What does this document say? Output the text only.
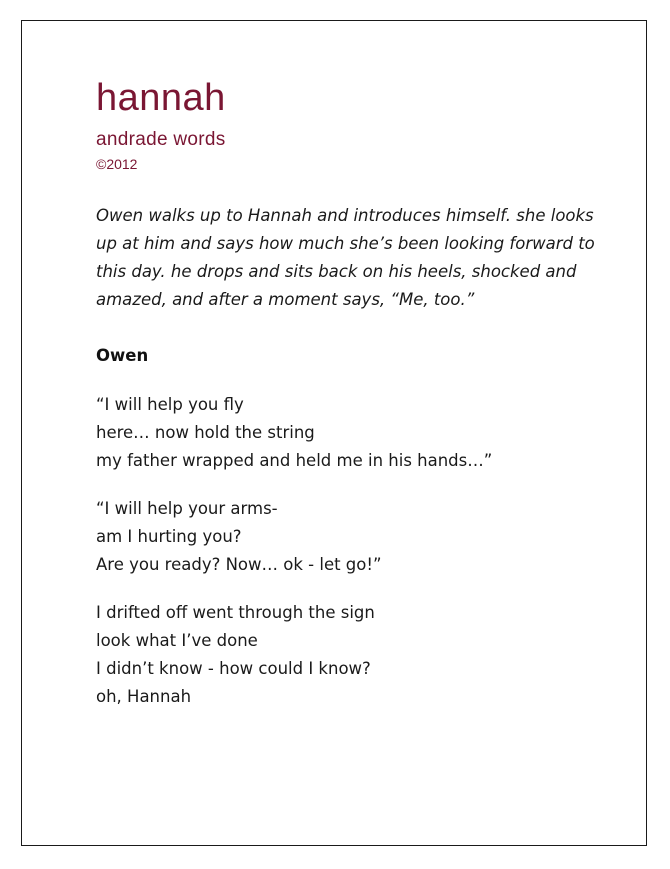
hannah

andrade words

©2012

Owen walks up to Hannah and introduces himself. she looks up at him and says how much she’s been looking forward to this day. he drops and sits back on his heels, shocked and amazed, and after a moment says, “Me, too.”

Owen

“I will help you fly
here… now hold the string
my father wrapped and held me in his hands…”
“I will help your arms-
am I hurting you?
Are you ready? Now… ok - let go!”
I drifted off went through the sign
look what I’ve done
I didn’t know - how could I know?
oh, Hannah
